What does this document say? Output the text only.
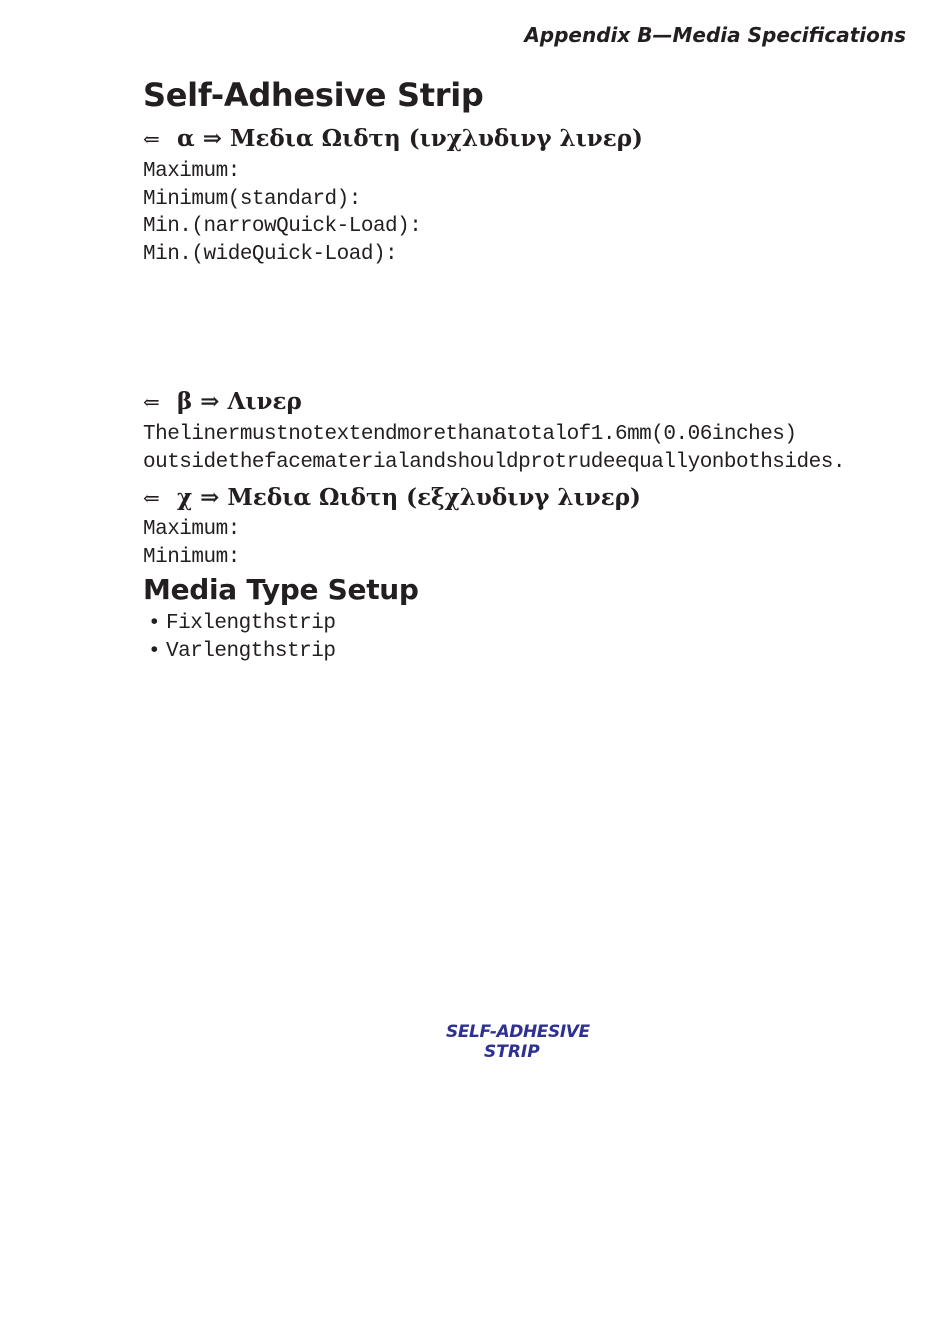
Appendix B—Media Specifications
Self-Adhesive Strip
⇐ α ⇒ Μεδια Ωιδτη (ινχλυδινγ λινερ)
Maximum:
Minimum(standard):
Min.(narrowQuick-Load):
Min.(wideQuick-Load):
⇐ β ⇒ Λινερ
Thelinermustnotextendmorethanatotalof1.6mm(0.06inches)
outsidethefacematerialandshouldprotrudeequallyonbothsides.
⇐ χ ⇒ Μεδια Ωιδτη (εξχλυδινγ λινερ)
Maximum:
Minimum:
Media Type Setup
• Fixlengthstrip
• Varlengthstrip
SELF-ADHESIVE
STRIP
